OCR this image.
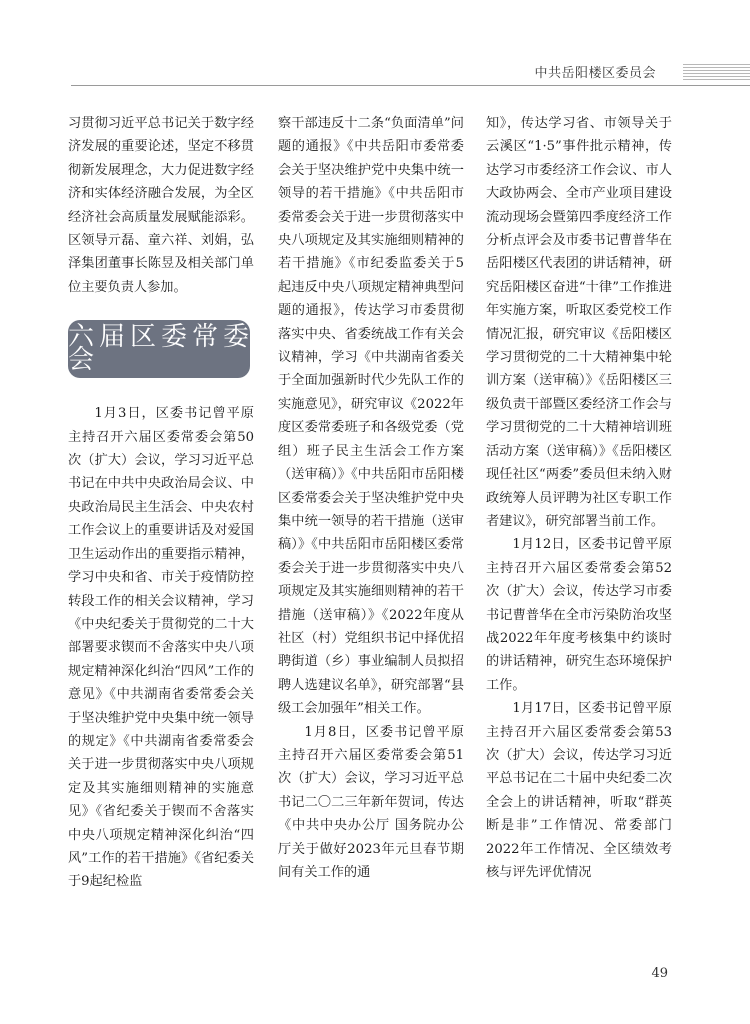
中共岳阳楼区委员会

习贯彻习近平总书记关于数字经济发展的重要论述，坚定不移贯彻新发展理念，大力促进数字经济和实体经济融合发展，为全区经济社会高质量发展赋能添彩。区领导亓磊、童六祥、刘娟，弘泽集团董事长陈昱及相关部门单位主要负责人参加。

六届区委常委会

1月3日，区委书记曾平原主持召开六届区委常委会第50次（扩大）会议，学习习近平总书记在中共中央政治局会议、中央政治局民主生活会、中央农村工作会议上的重要讲话及对爱国卫生运动作出的重要指示精神，学习中央和省、市关于疫情防控转段工作的相关会议精神，学习《中央纪委关于贯彻党的二十大部署要求锲而不舍落实中央八项规定精神深化纠治“四风”工作的意见》《中共湖南省委常委会关于坚决维护党中央集中统一领导的规定》《中共湖南省委常委会关于进一步贯彻落实中央八项规定及其实施细则精神的实施意见》《省纪委关于锲而不舍落实中央八项规定精神深化纠治“四风”工作的若干措施》《省纪委关于9起纪检监

察干部违反十二条“负面清单”问题的通报》《中共岳阳市委常委会关于坚决维护党中央集中统一领导的若干措施》《中共岳阳市委常委会关于进一步贯彻落实中央八项规定及其实施细则精神的若干措施》《市纪委监委关于5起违反中央八项规定精神典型问题的通报》，传达学习市委贯彻落实中央、省委统战工作有关会议精神，学习《中共湖南省委关于全面加强新时代少先队工作的实施意见》，研究审议《2022年度区委常委班子和各级党委（党组）班子民主生活会工作方案（送审稿）》《中共岳阳市岳阳楼区委常委会关于坚决维护党中央集中统一领导的若干措施（送审稿）》《中共岳阳市岳阳楼区委常委会关于进一步贯彻落实中央八项规定及其实施细则精神的若干措施（送审稿）》《2022年度从社区（村）党组织书记中择优招聘街道（乡）事业编制人员拟招聘人选建议名单》，研究部署“县级工会加强年”相关工作。

1月8日，区委书记曾平原主持召开六届区委常委会第51次（扩大）会议，学习习近平总书记二〇二三年新年贺词，传达《中共中央办公厅 国务院办公厅关于做好2023年元旦春节期间有关工作的通

知》，传达学习省、市领导关于云溪区“1·5”事件批示精神，传达学习市委经济工作会议、市人大政协两会、全市产业项目建设流动现场会暨第四季度经济工作分析点评会及市委书记曹普华在岳阳楼区代表团的讲话精神，研究岳阳楼区奋进“十律”工作推进年实施方案，听取区委党校工作情况汇报，研究审议《岳阳楼区学习贯彻党的二十大精神集中轮训方案（送审稿）》《岳阳楼区三级负责干部暨区委经济工作会与学习贯彻党的二十大精神培训班活动方案（送审稿）》《岳阳楼区现任社区“两委”委员但未纳入财政统筹人员评聘为社区专职工作者建议》，研究部署当前工作。

1月12日，区委书记曾平原主持召开六届区委常委会第52次（扩大）会议，传达学习市委书记曹普华在全市污染防治攻坚战2022年年度考核集中约谈时的讲话精神，研究生态环境保护工作。

1月17日，区委书记曾平原主持召开六届区委常委会第53次（扩大）会议，传达学习习近平总书记在二十届中央纪委二次全会上的讲话精神，听取“群英断是非”工作情况、常委部门2022年工作情况、全区绩效考核与评先评优情况

49
